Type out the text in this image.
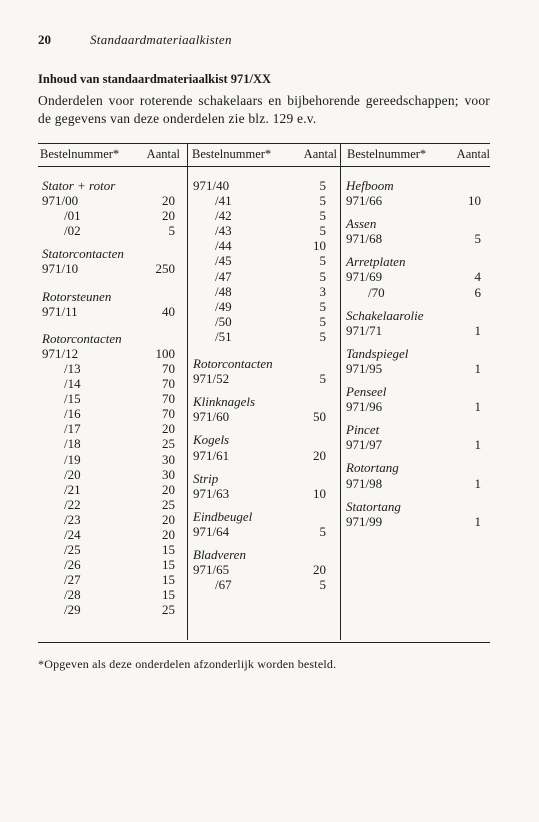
20	Standaardmateriaalkisten
Inhoud van standaardmateriaalkist 971/XX
Onderdelen voor roterende schakelaars en bijbehorende gereedschappen; voor de gegevens van deze onderdelen zie blz. 129 e.v.
Bestelnummer* Aantal Bestelnummer*	Aantal Bestelnummer* Aantal
Stator + rotor
971/00	20
/01	20
/02	5
Statorcontacten
971/10	250
Rotorsteunen
971/11	40
Rotorcontacten
971/12	100
/13	70
/14	70
/15	70
/16	70
/17	20
/18	25
/19	30
/20	30
/21	20
/22	25
/23	20
/24	20
/25	15
/26	15
/27	15
/28	15
/29	25
971/40	5
/41	5
/42	5
/43	5
/44	10
/45	5
/47	5
/48	3
/49	5
/50	5
/51	5
Rotorcontacten
971/52	5
Klinknagels
971/60	50
Kogels
971/61	20
Strip
971/63	10
Eindbeugel
971/64	5
Bladveren
971/65	20
/67	5
Hefboom
971/66	10
Assen
971/68	5
Arretplaten
971/69	4
/70	6
Schakelaarolie
971/71	1
Tandspiegel
971/95	1
Penseel
971/96	1
Pincet
971/97	1
Rotortang
971/98	1
Statortang
971/99	1
*Opgeven als deze onderdelen afzonderlijk worden besteld.
